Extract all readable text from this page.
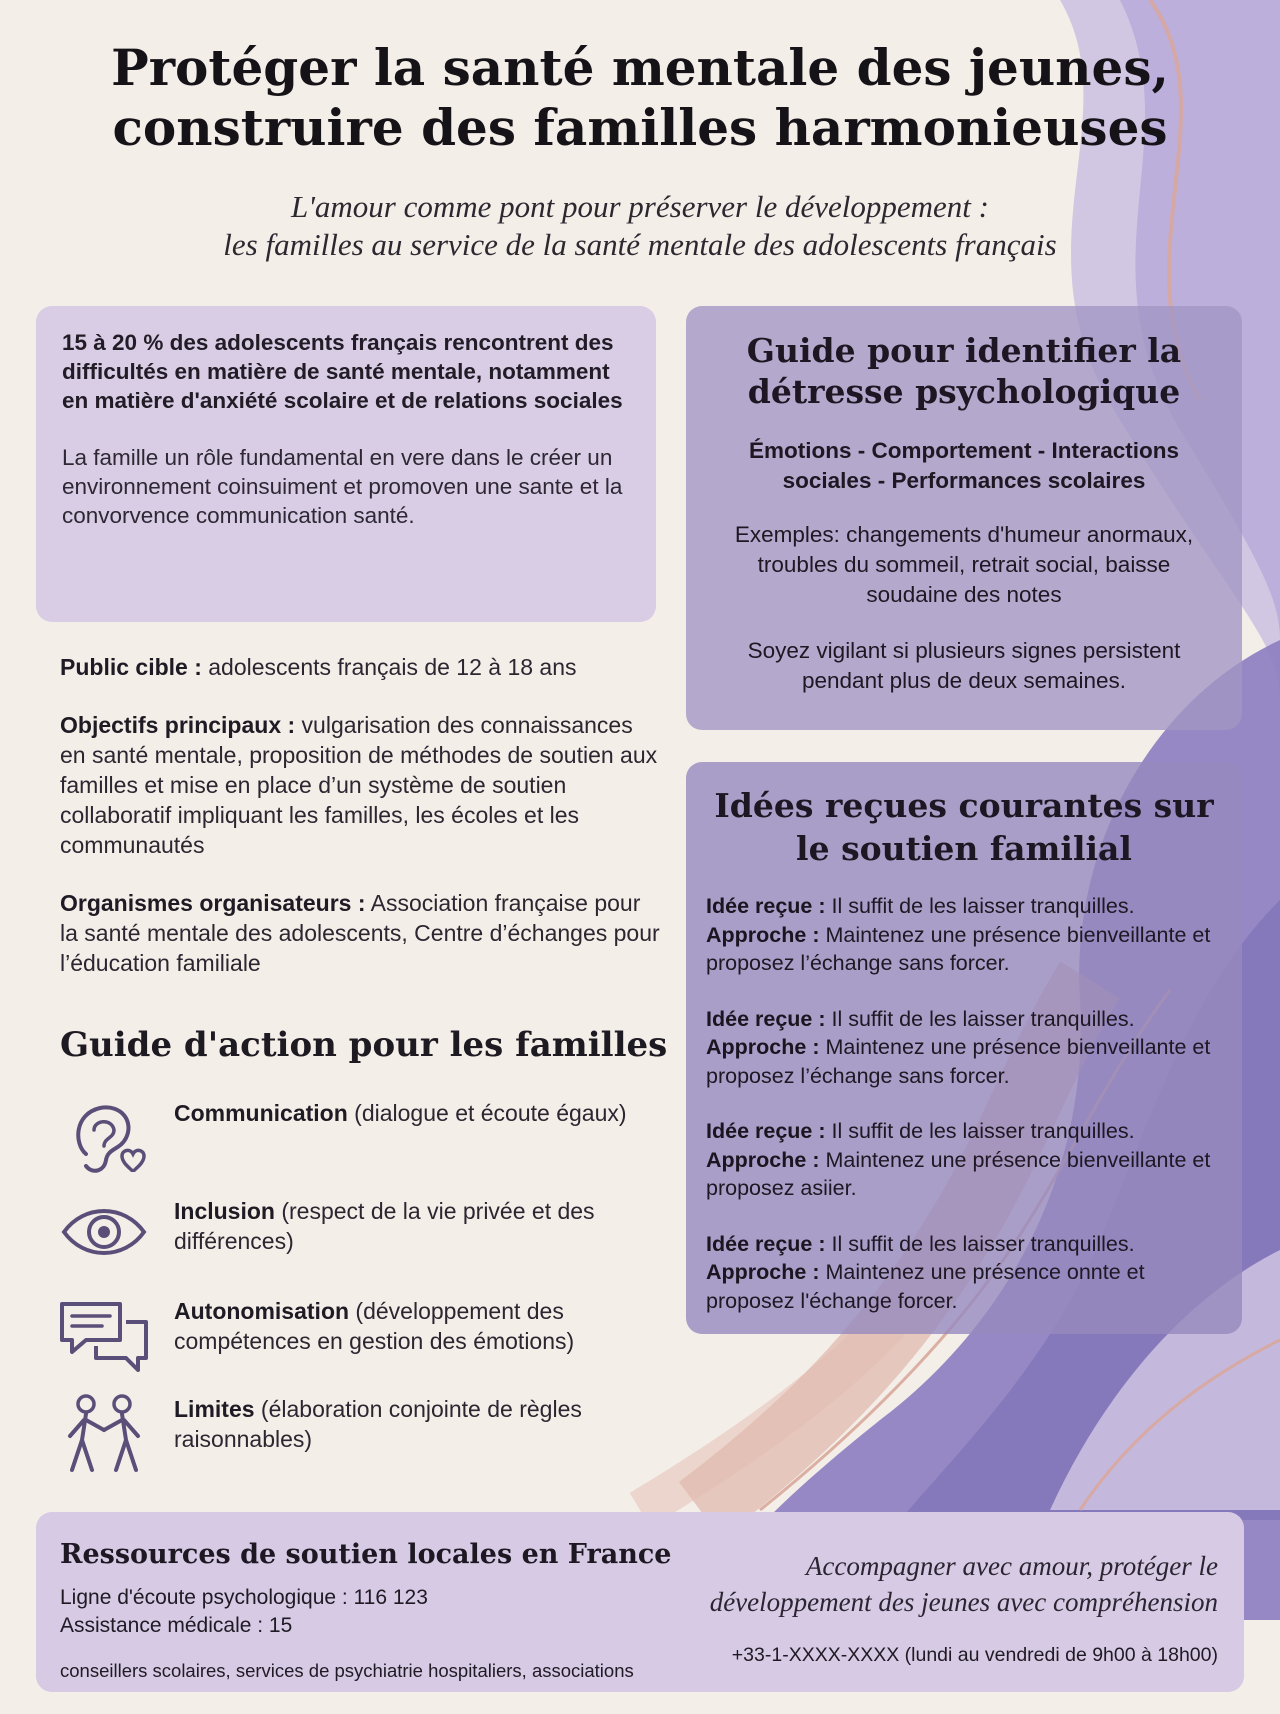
Protéger la santé mentale des jeunes,
construire des familles harmonieuses

L'amour comme pont pour préserver le développement :
les familles au service de la santé mentale des adolescents français

15 à 20 % des adolescents français rencontrent des difficultés en matière de santé mentale, notamment en matière d'anxiété scolaire et de relations sociales

La famille un rôle fundamental en vere dans le créer un environnement coinsuiment et promoven une sante et la convorvence communication santé.

Public cible : adolescents français de 12 à 18 ans

Objectifs principaux : vulgarisation des connaissances en santé mentale, proposition de méthodes de soutien aux familles et mise en place d’un système de soutien collaboratif impliquant les familles, les écoles et les communautés

Organismes organisateurs : Association française pour la santé mentale des adolescents, Centre d’échanges pour l’éducation familiale

Guide d'action pour les familles
Communication (dialogue et écoute égaux)
Inclusion (respect de la vie privée et des différences)
Autonomisation (développement des compétences en gestion des émotions)
Limites (élaboration conjointe de règles raisonnables)
Guide pour identifier la
détresse psychologique

Émotions - Comportement - Interactions sociales - Performances scolaires

Exemples: changements d'humeur anormaux, troubles du sommeil, retrait social, baisse soudaine des notes

Soyez vigilant si plusieurs signes persistent pendant plus de deux semaines.

Idées reçues courantes sur
le soutien familial

Idée reçue : Il suffit de les laisser tranquilles.
Approche : Maintenez une présence bienveillante et proposez l’échange sans forcer.

Idée reçue : Il suffit de les laisser tranquilles.
Approche : Maintenez une présence bienveillante et proposez l’échange sans forcer.

Idée reçue : Il suffit de les laisser tranquilles.
Approche : Maintenez une présence bienveillante et proposez asiier.

Idée reçue : Il suffit de les laisser tranquilles.
Approche : Maintenez une présence onnte et proposez l'échange forcer.

Ressources de soutien locales en France

Ligne d'écoute psychologique : 116 123

Assistance médicale : 15

conseillers scolaires, services de psychiatrie hospitaliers, associations

Accompagner avec amour, protéger le
développement des jeunes avec compréhension

+33-1-XXXX-XXXX (lundi au vendredi de 9h00 à 18h00)
